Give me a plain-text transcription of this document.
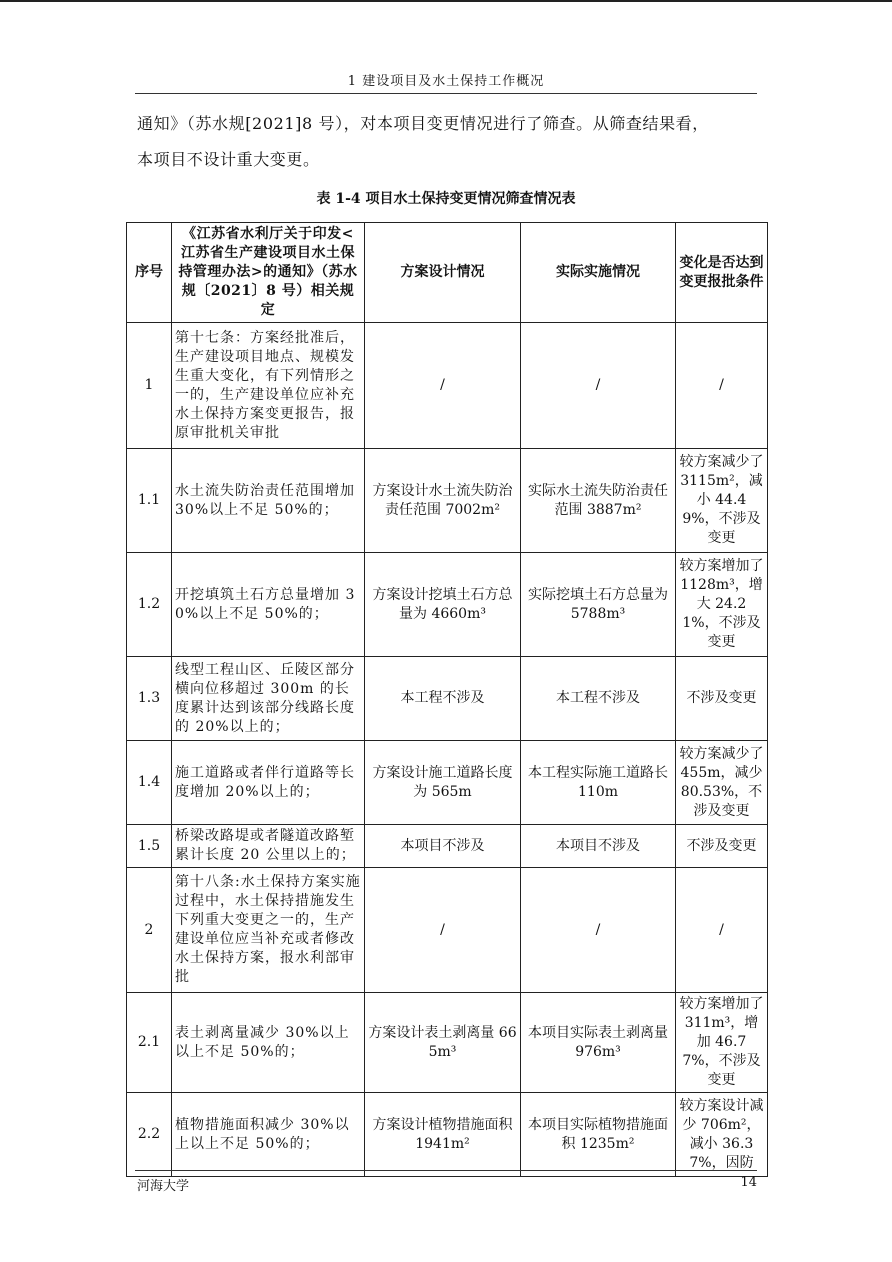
1 建设项目及水土保持工作概况

通知》（苏水规[2021]8 号），对本项目变更情况进行了筛查。从筛查结果看，

本项目不设计重大变更。

表 1-4 项目水土保持变更情况筛查情况表
序号	《江苏省水利厅关于印发<江苏省生产建设项目水土保持管理办法>的通知》（苏水规〔2021〕8 号）相关规定	方案设计情况	实际实施情况	变化是否达到变更报批条件
1	第十七条：方案经批准后，生产建设项目地点、规模发生重大变化，有下列情形之一的，生产建设单位应补充水土保持方案变更报告，报原审批机关审批	/	/	/
1.1	水土流失防治责任范围增加 30%以上不足 50%的；	方案设计水土流失防治责任范围 7002m²	实际水土流失防治责任范围 3887m²	较方案减少了 3115m²，减小 44.49%，不涉及变更
1.2	开挖填筑土石方总量增加 30%以上不足 50%的；	方案设计挖填土石方总量为 4660m³	实际挖填土石方总量为 5788m³	较方案增加了 1128m³，增大 24.21%，不涉及变更
1.3	线型工程山区、丘陵区部分横向位移超过 300m 的长度累计达到该部分线路长度的 20%以上的；	本工程不涉及	本工程不涉及	不涉及变更
1.4	施工道路或者伴行道路等长度增加 20%以上的；	方案设计施工道路长度为 565m	本工程实际施工道路长 110m	较方案减少了 455m，减少 80.53%，不涉及变更
1.5	桥梁改路堤或者隧道改路堑累计长度 20 公里以上的；	本项目不涉及	本项目不涉及	不涉及变更
2	第十八条:水土保持方案实施过程中，水土保持措施发生下列重大变更之一的，生产建设单位应当补充或者修改水土保持方案，报水利部审批	/	/	/
2.1	表土剥离量减少 30%以上以上不足 50%的；	方案设计表土剥离量 665m³	本项目实际表土剥离量 976m³	较方案增加了 311m³，增加 46.77%，不涉及变更
2.2	植物措施面积减少 30%以上以上不足 50%的；	方案设计植物措施面积 1941m²	本项目实际植物措施面积 1235m²	较方案设计减少 706m²，减小 36.37%，因防
河海大学	14
